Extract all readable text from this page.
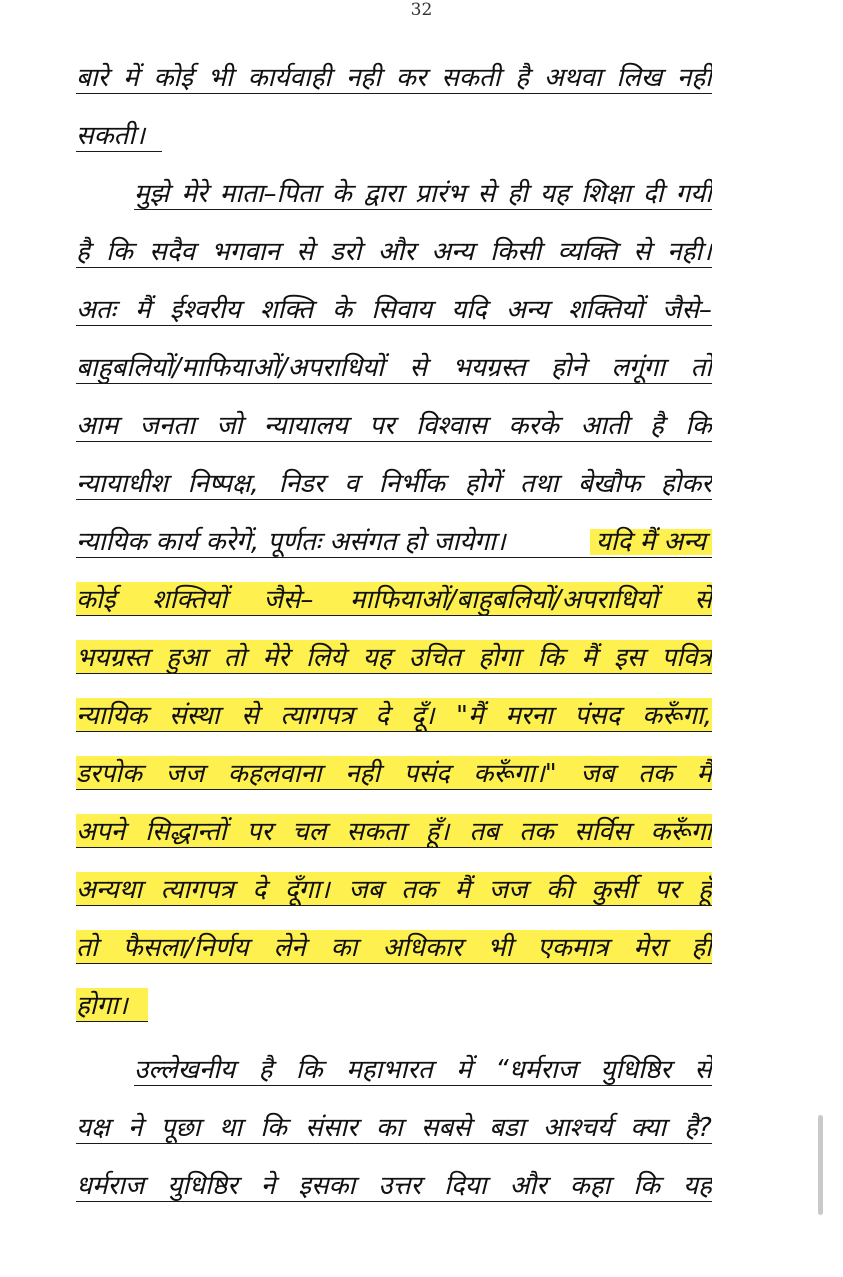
32
बारे में कोई भी कार्यवाही नही कर सकती है अथवा लिख नही
सकती।
मुझे मेरे माता–पिता के द्वारा प्रारंभ से ही यह शिक्षा दी गयी
है कि सदैव भगवान से डरो और अन्य किसी व्यक्ति से नही।
अतः मैं ईश्वरीय शक्ति के सिवाय यदि अन्य शक्तियों जैसे–
बाहुबलियों/माफियाओं/अपराधियों से भयग्रस्त होने लगूंगा तो
आम जनता जो न्यायालय पर विश्वास करके आती है कि
न्यायाधीश निष्पक्ष, निडर व निर्भीक होगें तथा बेखौफ होकर
न्यायिक कार्य करेगें, पूर्णतः असंगत हो जायेगा।	यदि मैं अन्य
कोई शक्तियों जैसे– माफियाओं/बाहुबलियों/अपराधियों से
भयग्रस्त हुआ तो मेरे लिये यह उचित होगा कि मैं इस पवित्र
न्यायिक संस्था से त्यागपत्र दे दूँ। "मैं मरना पंसद करूँगा,
डरपोक जज कहलवाना नही पसंद करूँगा।" जब तक मैं
अपने सिद्धान्तों पर चल सकता हूँ। तब तक सर्विस करूँगा
अन्यथा त्यागपत्र दे दूँगा। जब तक मैं जज की कुर्सी पर हूँ
तो फैसला/निर्णय लेने का अधिकार भी एकमात्र मेरा ही
होगा।
उल्लेखनीय है कि महाभारत में “धर्मराज युधिष्ठिर से
यक्ष ने पूछा था कि संसार का सबसे बडा आश्चर्य क्या है?
धर्मराज युधिष्ठिर ने इसका उत्तर दिया और कहा कि यह
